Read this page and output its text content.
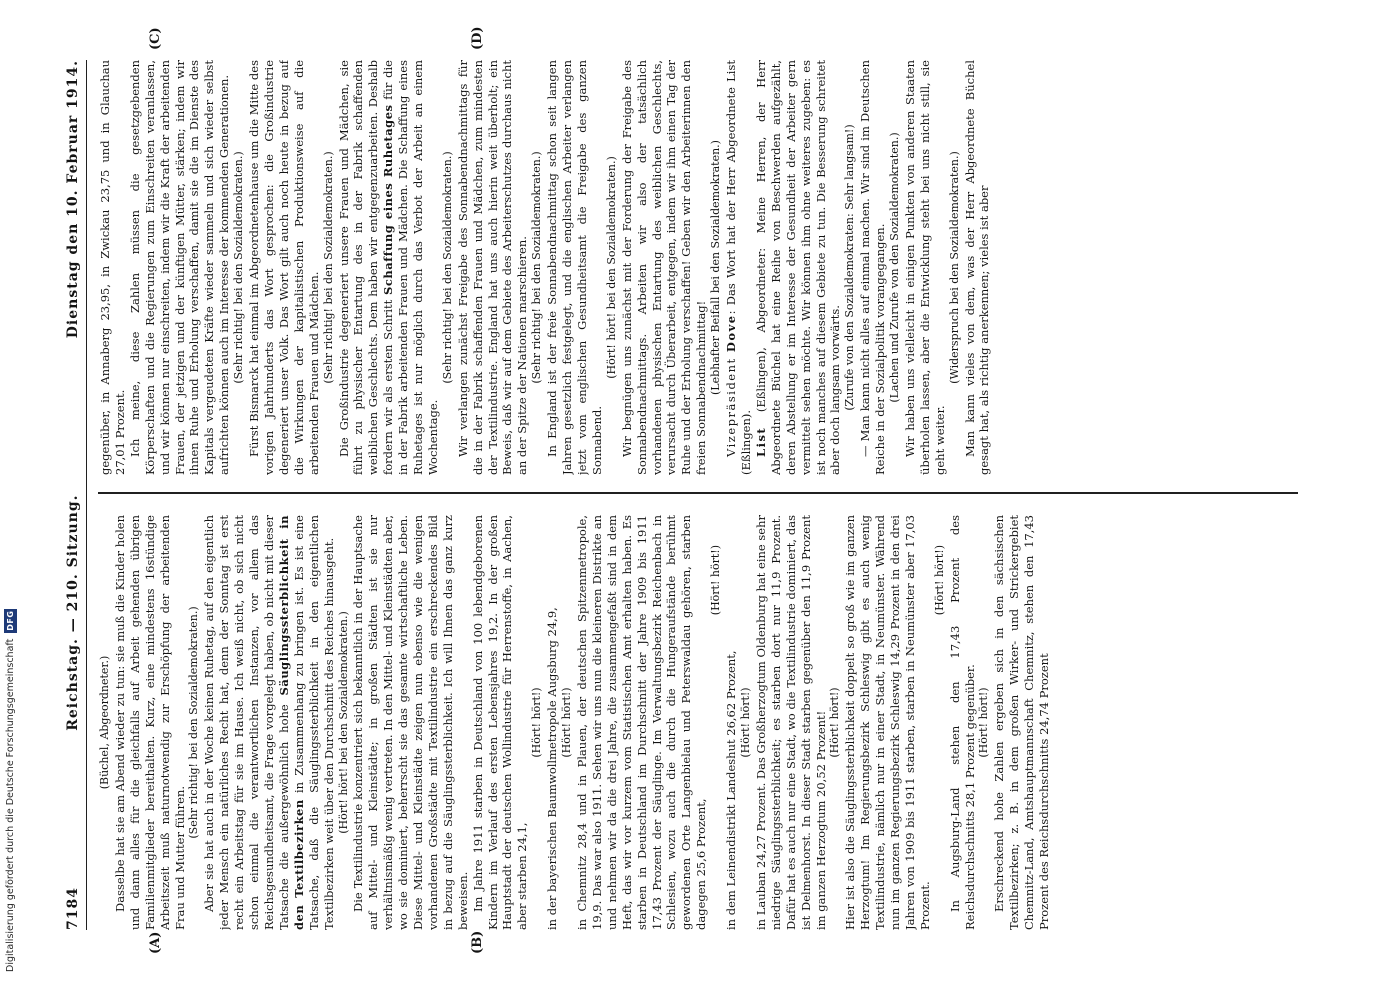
7184
Reichstag. — 210. Sitzung.
Dienstag den 10. Februar 1914.
(A)	(B)
(C)	(D)

(Büchel, Abgeordneter.) Dasselbe hat sie am Abend wieder zu tun: sie muß die Kinder holen und dann alles für die gleichfalls auf Arbeit gehenden übrigen Familienmitglieder bereithalten. Kurz, eine mindestens 16stündige Arbeitszeit muß naturnotwendig zur Erschöpfung der arbeitenden Frau und Mutter führen.

(Sehr richtig! bei den Sozialdemokraten.) Aber sie hat auch in der Woche keinen Ruhetag, auf den eigentlich jeder Mensch ein natürliches Recht hat, denn der Sonntag ist erst recht ein Arbeitstag für sie im Hause. Ich weiß nicht, ob sich nicht schon einmal die verantwortlichen Instanzen, vor allem das Reichsgesundheitsamt, die Frage vorgelegt haben, ob nicht mit dieser Tatsache die außergewöhnlich hohe Säuglingssterblichkeit in den Textilbezirken in Zusammenhang zu bringen ist. Es ist eine Tatsache, daß die Säuglingssterblichkeit in den eigentlichen Textilbezirken weit über den Durchschnitt des Reiches hinausgeht. (Hört! hört! bei den Sozialdemokraten.) Die Textilindustrie konzentriert sich bekanntlich in der Hauptsache auf Mittel- und Kleinstädte; in großen Städten ist sie nur verhältnismäßig wenig vertreten. In den Mittel- und Kleinstädten aber, wo sie dominiert, beherrscht sie das gesamte wirtschaftliche Leben. Diese Mittel- und Kleinstädte zeigen nun ebenso wie die wenigen vorhandenen Großstädte mit Textilindustrie ein erschreckendes Bild in bezug auf die Säuglingssterblichkeit. Ich will Ihnen das ganz kurz beweisen. Im Jahre 1911 starben in Deutschland von 100 lebendgeborenen Kindern im Verlauf des ersten Lebensjahres 19,2. In der großen Hauptstadt der deutschen Wollindustrie für Herrenstoffe, in Aachen, aber starben 24,1,

(Hört! hört!) in der bayerischen Baumwollmetropole Augsburg 24,9, (Hört! hört!) in Chemnitz 28,4 und in Plauen, der deutschen Spitzenmetropole, 19,9. Das war also 1911. Sehen wir uns nun die kleineren Distrikte an und nehmen wir da die drei Jahre, die zusammengefaßt sind in dem Heft, das wir vor kurzem vom Statistischen Amt erhalten haben. Es starben in Deutschland im Durchschnitt der Jahre 1909 bis 1911 17,43 Prozent der Säuglinge. Im Verwaltungsbezirk Reichenbach in Schlesien, wozu auch die durch die Hungeraufstände berühmt gewordenen Orte Langenbielau und Peterswaldau gehören, starben dagegen 25,6 Prozent,

(Hört! hört!)

in dem Leinendistrikt Landeshut 26,62 Prozent, (Hört! hört!) in Lauban 24,27 Prozent. Das Großherzogtum Oldenburg hat eine sehr niedrige Säuglingssterblichkeit; es starben dort nur 11,9 Prozent. Dafür hat es auch nur eine Stadt, wo die Textilindustrie dominiert, das ist Delmenhorst. In dieser Stadt starben gegenüber den 11,9 Prozent im ganzen Herzogtum 20,52 Prozent! (Hört! hört!) Hier ist also die Säuglingssterblichkeit doppelt so groß wie im ganzen Herzogtum! Im Regierungsbezirk Schleswig gibt es auch wenig Textilindustrie, nämlich nur in einer Stadt, in Neumünster. Während nun im ganzen Regierungsbezirk Schleswig 14,29 Prozent in den drei Jahren von 1909 bis 1911 starben, starben in Neumünster aber 17,03 Prozent.

(Hört! hört!) In Augsburg-Land stehen den 17,43 Prozent des Reichsdurchschnitts 28,1 Prozent gegenüber. (Hört! hört!) Erschreckend hohe Zahlen ergeben sich in den sächsischen Textilbezirken; z. B. in dem großen Wirker- und Strickergebiet Chemnitz-Land, Amtshauptmannschaft Chemnitz, stehen den 17,43 Prozent des Reichsdurchschnitts 24,74 Prozent

gegenüber, in Annaberg 23,95, in Zwickau 23,75 und in Glauchau 27,01 Prozent. Ich meine, diese Zahlen müssen die gesetzgebenden Körperschaften und die Regierungen zum Einschreiten veranlassen, und wir können nur einschreiten, indem wir die Kraft der arbeitenden Frauen, der jetzigen und der künftigen Mütter, stärken; indem wir ihnen Ruhe und Erholung verschaffen, damit sie die im Dienste des Kapitals vergeudeten Kräfte wieder sammeln und sich wieder selbst aufrichten können auch im Interesse der kommenden Generationen. (Sehr richtig! bei den Sozialdemokraten.) Fürst Bismarck hat einmal im Abgeordnetenhause um die Mitte des vorigen Jahrhunderts das Wort gesprochen: die Großindustrie degeneriert unser Volk. Das Wort gilt auch noch heute in bezug auf die Wirkungen der kapitalistischen Produktionsweise auf die arbeitenden Frauen und Mädchen. (Sehr richtig! bei den Sozialdemokraten.) Die Großindustrie degeneriert unsere Frauen und Mädchen, sie führt zu physischer Entartung des in der Fabrik schaffenden weiblichen Geschlechts. Dem haben wir entgegenzuarbeiten. Deshalb fordern wir als ersten Schritt Schaffung eines Ruhetages für die in der Fabrik arbeitenden Frauen und Mädchen. Die Schaffung eines Ruhetages ist nur möglich durch das Verbot der Arbeit an einem Wochentage.

(Sehr richtig! bei den Sozialdemokraten.) Wir verlangen zunächst Freigabe des Sonnabendnachmittags für die in der Fabrik schaffenden Frauen und Mädchen, zum mindesten der Textilindustrie. England hat uns auch hierin weit überholt; ein Beweis, daß wir auf dem Gebiete des Arbeiterschutzes durchaus nicht an der Spitze der Nationen marschieren. (Sehr richtig! bei den Sozialdemokraten.) In England ist der freie Sonnabendnachmittag schon seit langen Jahren gesetzlich festgelegt, und die englischen Arbeiter verlangen jetzt vom englischen Gesundheitsamt die Freigabe des ganzen Sonnabend.

(Hört! hört! bei den Sozialdemokraten.) Wir begnügen uns zunächst mit der Forderung der Freigabe des Sonnabendnachmittags. Arbeiten wir also der tatsächlich vorhandenen physischen Entartung des weiblichen Geschlechts, verursacht durch Überarbeit, entgegen, indem wir ihm einen Tag der Ruhe und der Erholung verschaffen! Geben wir den Arbeiterinnen den freien Sonnabendnachmittag! (Lebhafter Beifall bei den Sozialdemokraten.)

Vizepräsident Dove: Das Wort hat der Herr Abgeordnete List (Eßlingen). List (Eßlingen), Abgeordneter: Meine Herren, der Herr Abgeordnete Büchel hat eine Reihe von Beschwerden aufgezählt, deren Abstellung er im Interesse der Gesundheit der Arbeiter gern vermittelt sehen möchte. Wir können ihm ohne weiteres zugeben: es ist noch manches auf diesem Gebiete zu tun. Die Besserung schreitet aber doch langsam vorwärts. (Zurufe von den Sozialdemokraten: Sehr langsam!) — Man kann nicht alles auf einmal machen. Wir sind im Deutschen Reiche in der Sozialpolitik vorangegangen. (Lachen und Zurufe von den Sozialdemokraten.) Wir haben uns vielleicht in einigen Punkten von anderen Staaten überholen lassen, aber die Entwicklung steht bei uns nicht still, sie geht weiter.

(Widerspruch bei den Sozialdemokraten.) Man kann vieles von dem, was der Herr Abgeordnete Büchel gesagt hat, als richtig anerkennen; vieles ist aber

Digitalisierung gefördert durch die Deutsche Forschungsgemeinschaft
DFG
